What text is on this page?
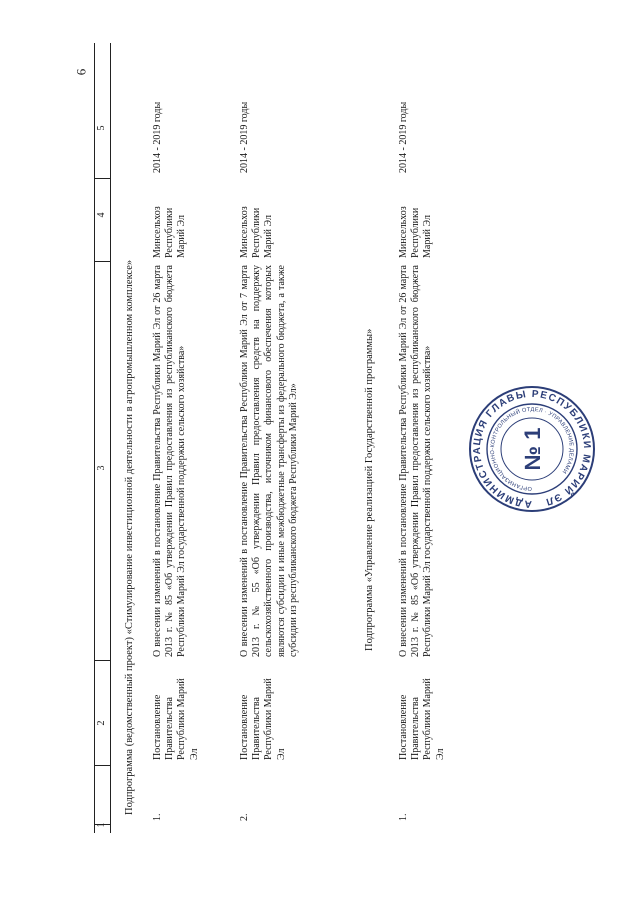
6
1
2
3
4
5
Подпрограмма (ведомственный проект) «Стимулирование инвестиционной деятельности в агропромышленном комплексе»
1.
Постановление Правительства Республики Марий Эл
О внесении изменений в постановление Правительства Республики Марий Эл от 26 марта 2013 г. № 85 «Об утверждении Правил предоставления из республиканского бюджета Республики Марий Эл государственной поддержки сельского хозяйства»
Минсельхоз Республики Марий Эл
2014 - 2019 годы
2.
Постановление Правительства Республики Марий Эл
О внесении изменений в постановление Правительства Республики Марий Эл от 7 марта 2013 г. № 55 «Об утверждении Правил предоставления средств на поддержку сельскохозяйственного производства, источником финансового обеспечения которых являются субсидии и иные межбюджетные трансферты из федерального бюджета, а также субсидии из республиканского бюджета Республики Марий Эл»
Минсельхоз Республики Марий Эл
2014 - 2019 годы
Подпрограмма «Управление реализацией Государственной программы»
1.
Постановление Правительства Республики Марий Эл
О внесении изменений в постановление Правительства Республики Марий Эл от 26 марта 2013 г. № 85 «Об утверждении Правил предоставления из республиканского бюджета Республики Марий Эл государственной поддержки сельского хозяйства»
Минсельхоз Республики Марий Эл
2014 - 2019 годы
АДМИНИСТРАЦИЯ ГЛАВЫ РЕСПУБЛИКИ МАРИЙ ЭЛ
ОРГАНИЗАЦИОННО-КОНТРОЛЬНЫЙ ОТДЕЛ · УПРАВЛЕНИЕ ДЕЛАМИ
№ 1
